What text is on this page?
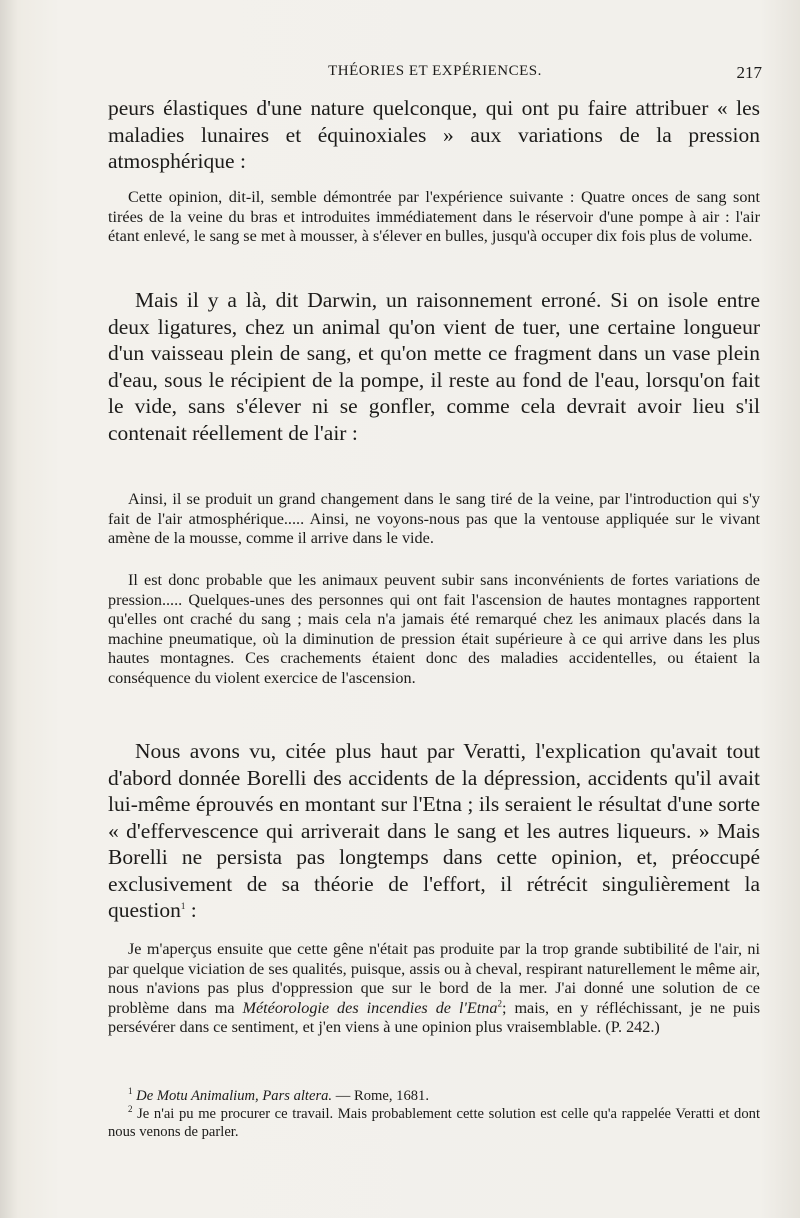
THÉORIES ET EXPÉRIENCES.	217

peurs élastiques d'une nature quelconque, qui ont pu faire attribuer « les maladies lunaires et équinoxiales » aux variations de la pression atmosphérique :

Cette opinion, dit-il, semble démontrée par l'expérience suivante : Quatre onces de sang sont tirées de la veine du bras et introduites immédiatement dans le réservoir d'une pompe à air : l'air étant enlevé, le sang se met à mousser, à s'élever en bulles, jusqu'à occuper dix fois plus de volume.

Mais il y a là, dit Darwin, un raisonnement erroné. Si on isole entre deux ligatures, chez un animal qu'on vient de tuer, une certaine longueur d'un vaisseau plein de sang, et qu'on mette ce fragment dans un vase plein d'eau, sous le récipient de la pompe, il reste au fond de l'eau, lorsqu'on fait le vide, sans s'élever ni se gonfler, comme cela devrait avoir lieu s'il contenait réellement de l'air :

Ainsi, il se produit un grand changement dans le sang tiré de la veine, par l'introduction qui s'y fait de l'air atmosphérique..... Ainsi, ne voyons-nous pas que la ventouse appliquée sur le vivant amène de la mousse, comme il arrive dans le vide.

Il est donc probable que les animaux peuvent subir sans inconvénients de fortes variations de pression..... Quelques-unes des personnes qui ont fait l'ascension de hautes montagnes rapportent qu'elles ont craché du sang ; mais cela n'a jamais été remarqué chez les animaux placés dans la machine pneumatique, où la diminution de pression était supérieure à ce qui arrive dans les plus hautes montagnes. Ces crachements étaient donc des maladies accidentelles, ou étaient la conséquence du violent exercice de l'ascension.

Nous avons vu, citée plus haut par Veratti, l'explication qu'avait tout d'abord donnée Borelli des accidents de la dépression, accidents qu'il avait lui-même éprouvés en montant sur l'Etna ; ils seraient le résultat d'une sorte « d'effervescence qui arriverait dans le sang et les autres liqueurs. » Mais Borelli ne persista pas longtemps dans cette opinion, et, préoccupé exclusivement de sa théorie de l'effort, il rétrécit singulièrement la question$^1$ :

Je m'aperçus ensuite que cette gêne n'était pas produite par la trop grande subtibilité de l'air, ni par quelque viciation de ses qualités, puisque, assis ou à cheval, respirant naturellement le même air, nous n'avions pas plus d'oppression que sur le bord de la mer. J'ai donné une solution de ce problème dans ma Météorologie des incendies de l'Etna$^2$; mais, en y réfléchissant, je ne puis persévérer dans ce sentiment, et j'en viens à une opinion plus vraisemblable. (P. 242.)

$^1$ De Motu Animalium, Pars altera. — Rome, 1681.

$^2$ Je n'ai pu me procurer ce travail. Mais probablement cette solution est celle qu'a rappelée Veratti et dont nous venons de parler.
